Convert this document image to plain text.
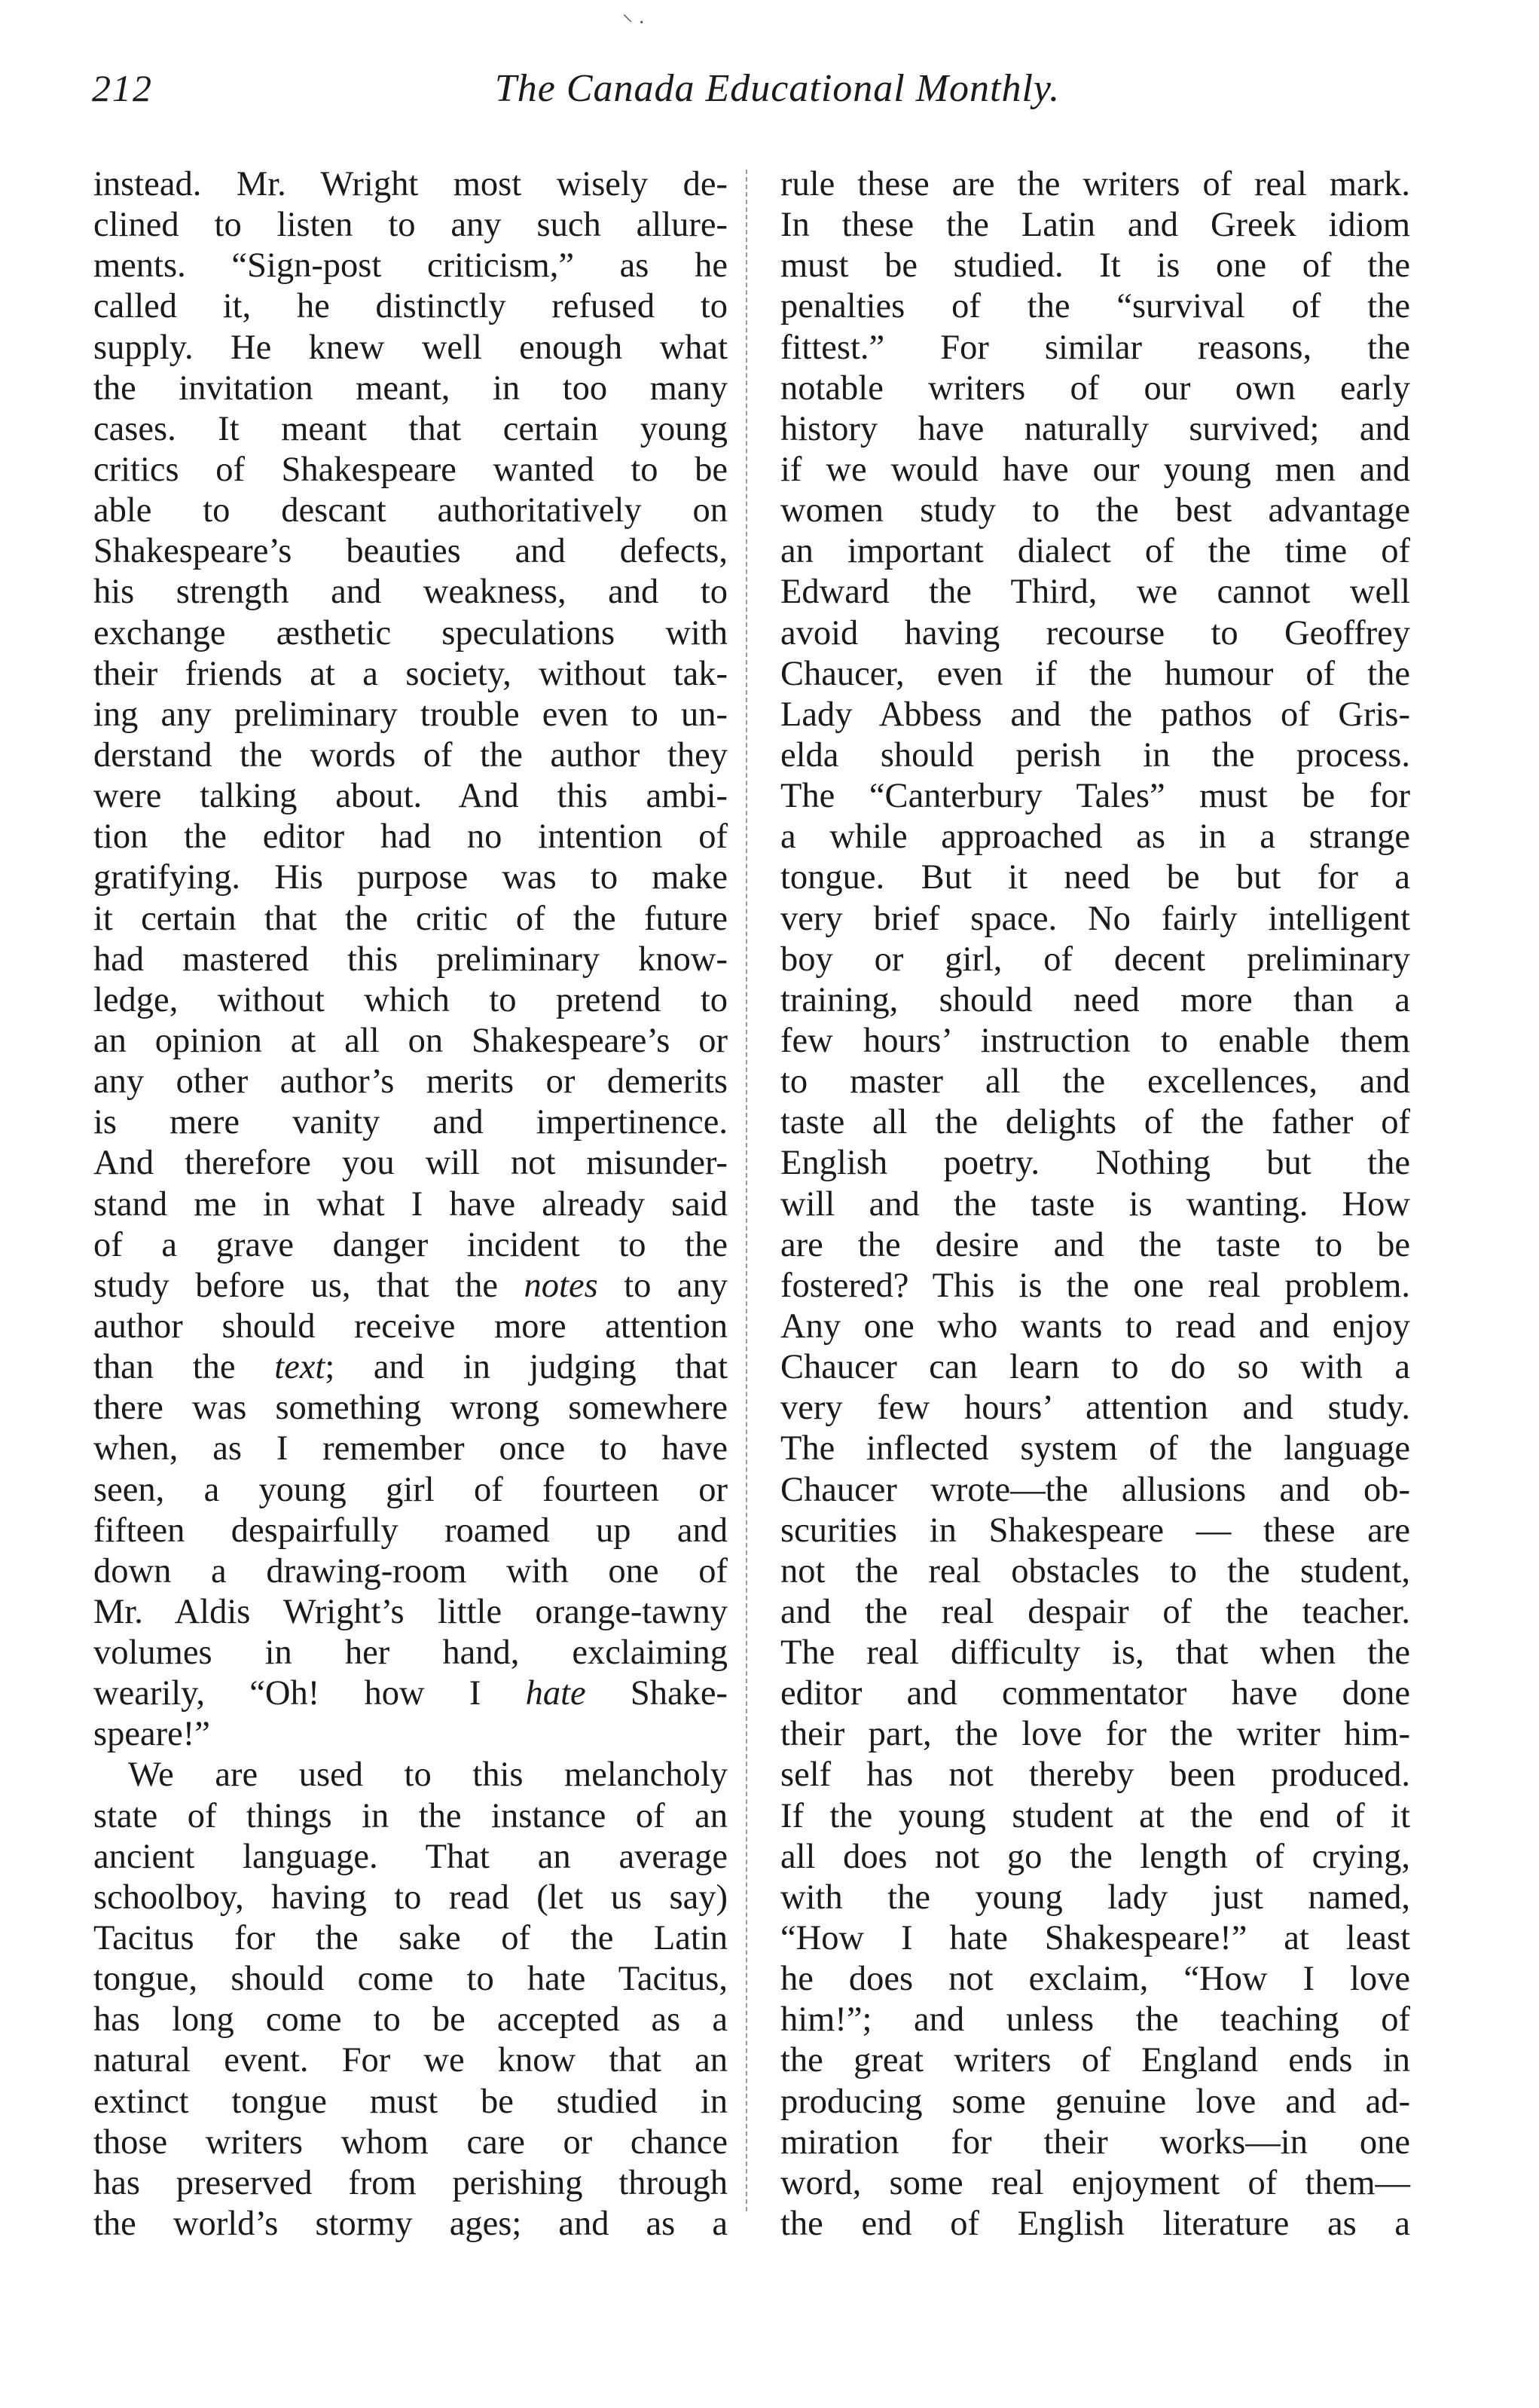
⸌ ·
212	The Canada Educational Monthly.
instead. Mr. Wright most wisely de-
clined to listen to any such allure-
ments. “Sign-post criticism,” as he
called it, he distinctly refused to
supply. He knew well enough what
the invitation meant, in too many
cases. It meant that certain young
critics of Shakespeare wanted to be
able to descant authoritatively on
Shakespeare’s beauties and defects,
his strength and weakness, and to
exchange æsthetic speculations with
their friends at a society, without tak-
ing any preliminary trouble even to un-
derstand the words of the author they
were talking about. And this ambi-
tion the editor had no intention of
gratifying. His purpose was to make
it certain that the critic of the future
had mastered this preliminary know-
ledge, without which to pretend to
an opinion at all on Shakespeare’s or
any other author’s merits or demerits
is mere vanity and impertinence.
And therefore you will not misunder-
stand me in what I have already said
of a grave danger incident to the
study before us, that the notes to any
author should receive more attention
than the text; and in judging that
there was something wrong somewhere
when, as I remember once to have
seen, a young girl of fourteen or
fifteen despairfully roamed up and
down a drawing-room with one of
Mr. Aldis Wright’s little orange-tawny
volumes in her hand, exclaiming
wearily, “Oh! how I hate Shake-
speare!”
We are used to this melancholy
state of things in the instance of an
ancient language. That an average
schoolboy, having to read (let us say)
Tacitus for the sake of the Latin
tongue, should come to hate Tacitus,
has long come to be accepted as a
natural event. For we know that an
extinct tongue must be studied in
those writers whom care or chance
has preserved from perishing through
the world’s stormy ages; and as a
rule these are the writers of real mark.
In these the Latin and Greek idiom
must be studied. It is one of the
penalties of the “survival of the
fittest.” For similar reasons, the
notable writers of our own early
history have naturally survived; and
if we would have our young men and
women study to the best advantage
an important dialect of the time of
Edward the Third, we cannot well
avoid having recourse to Geoffrey
Chaucer, even if the humour of the
Lady Abbess and the pathos of Gris-
elda should perish in the process.
The “Canterbury Tales” must be for
a while approached as in a strange
tongue. But it need be but for a
very brief space. No fairly intelligent
boy or girl, of decent preliminary
training, should need more than a
few hours’ instruction to enable them
to master all the excellences, and
taste all the delights of the father of
English poetry. Nothing but the
will and the taste is wanting. How
are the desire and the taste to be
fostered? This is the one real problem.
Any one who wants to read and enjoy
Chaucer can learn to do so with a
very few hours’ attention and study.
The inflected system of the language
Chaucer wrote—the allusions and ob-
scurities in Shakespeare — these are
not the real obstacles to the student,
and the real despair of the teacher.
The real difficulty is, that when the
editor and commentator have done
their part, the love for the writer him-
self has not thereby been produced.
If the young student at the end of it
all does not go the length of crying,
with the young lady just named,
“How I hate Shakespeare!” at least
he does not exclaim, “How I love
him!”; and unless the teaching of
the great writers of England ends in
producing some genuine love and ad-
miration for their works—in one
word, some real enjoyment of them—
the end of English literature as a
